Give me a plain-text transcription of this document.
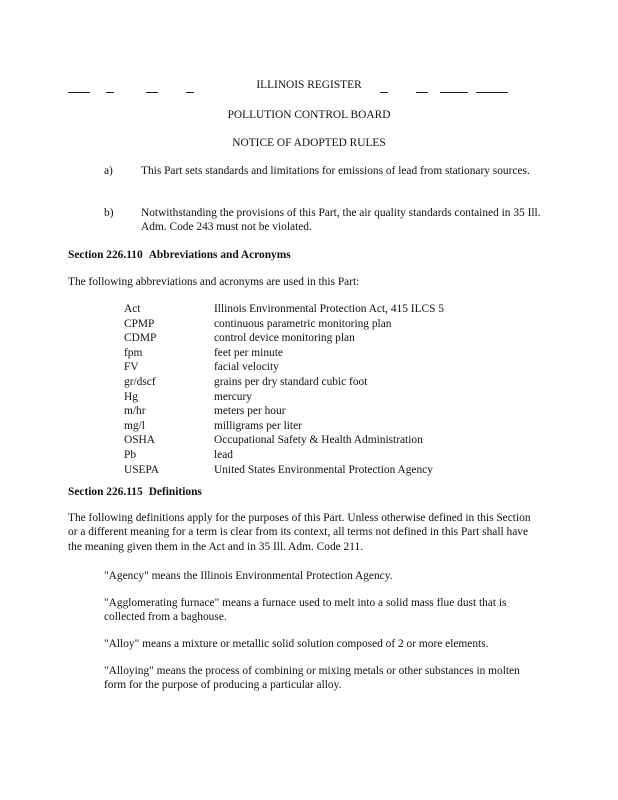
ILLINOIS REGISTER
POLLUTION CONTROL BOARD
NOTICE OF ADOPTED RULES
a) This Part sets standards and limitations for emissions of lead from stationary sources.
b) Notwithstanding the provisions of this Part, the air quality standards contained in 35 Ill. Adm. Code 243 must not be violated.
Section 226.110 Abbreviations and Acronyms
The following abbreviations and acronyms are used in this Part:
Act	Illinois Environmental Protection Act, 415 ILCS 5
CPMP	continuous parametric monitoring plan
CDMP	control device monitoring plan
fpm	feet per minute
FV	facial velocity
gr/dscf	grains per dry standard cubic foot
Hg	mercury
m/hr	meters per hour
mg/l	milligrams per liter
OSHA	Occupational Safety & Health Administration
Pb	lead
USEPA	United States Environmental Protection Agency
Section 226.115 Definitions
The following definitions apply for the purposes of this Part. Unless otherwise defined in this Section or a different meaning for a term is clear from its context, all terms not defined in this Part shall have the meaning given them in the Act and in 35 Ill. Adm. Code 211.
"Agency" means the Illinois Environmental Protection Agency.
"Agglomerating furnace" means a furnace used to melt into a solid mass flue dust that is collected from a baghouse.
"Alloy" means a mixture or metallic solid solution composed of 2 or more elements.
"Alloying" means the process of combining or mixing metals or other substances in molten form for the purpose of producing a particular alloy.
